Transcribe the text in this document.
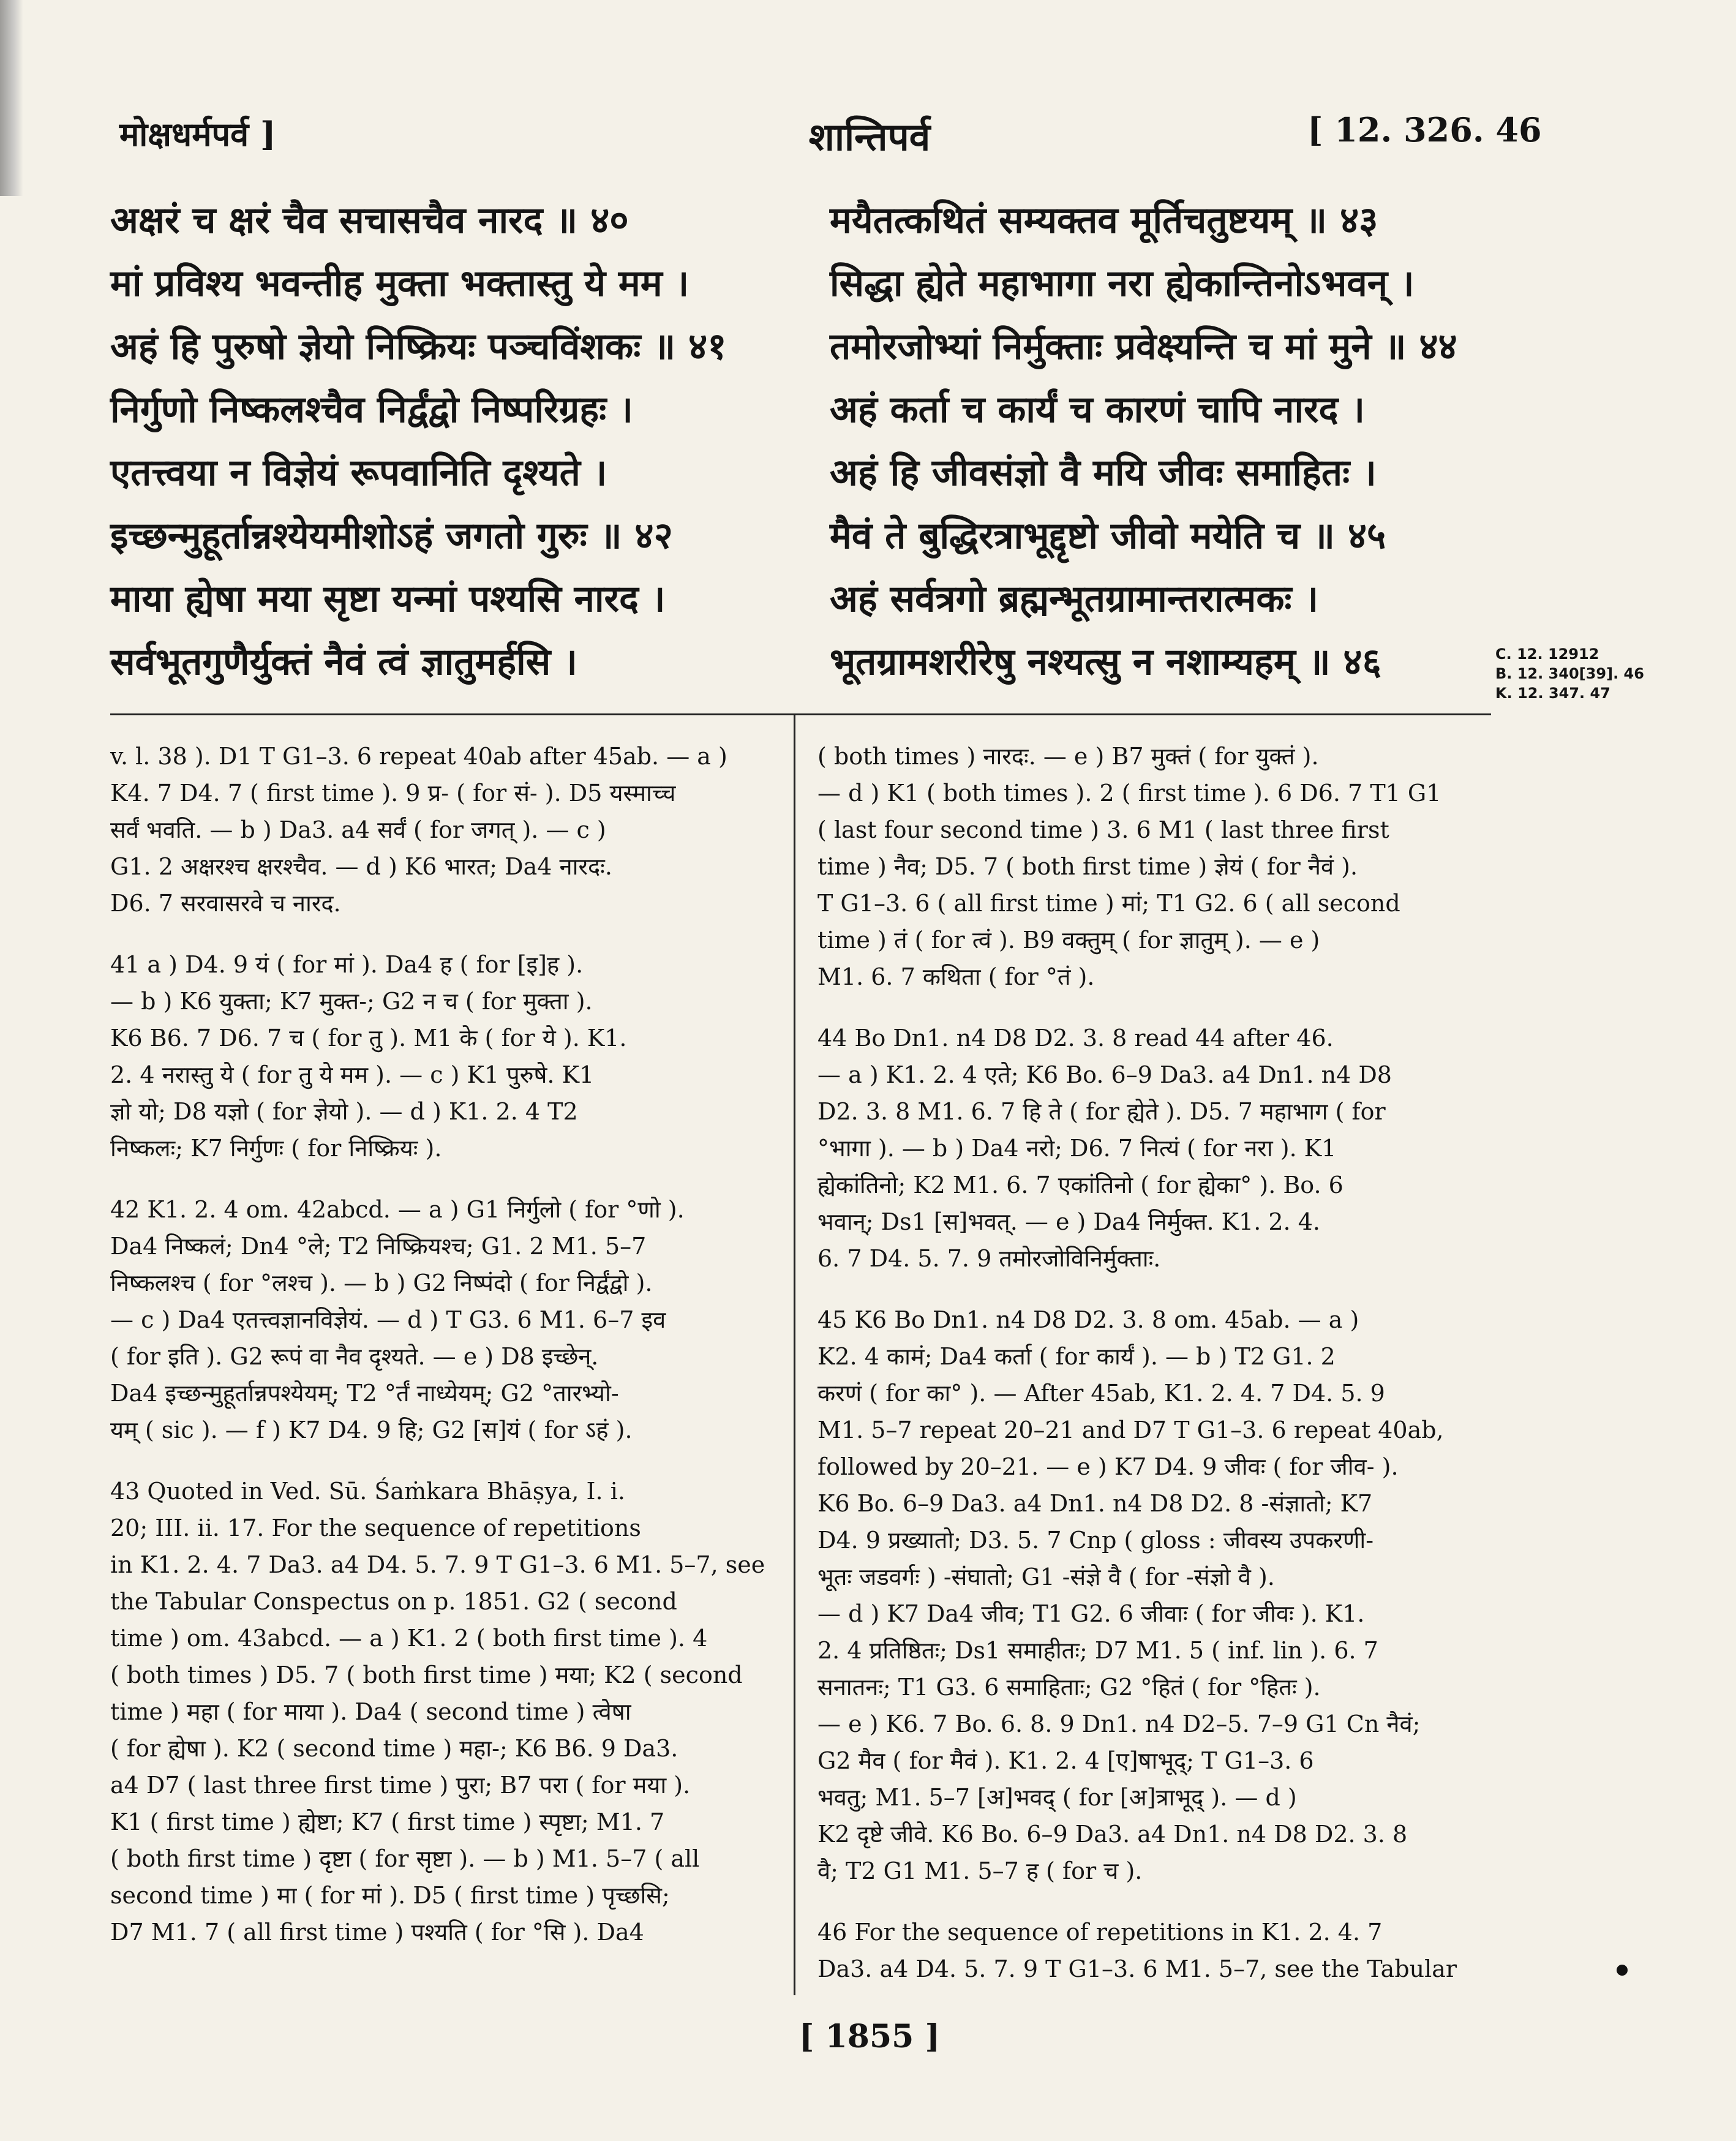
मोक्षधर्मपर्व ]	शान्तिपर्व	[ 12. 326. 46
अक्षरं च क्षरं चैव सचासचैव नारद ॥ ४०
मां प्रविश्य भवन्तीह मुक्ता भक्तास्तु ये मम ।
अहं हि पुरुषो ज्ञेयो निष्क्रियः पञ्चविंशकः ॥ ४१
निर्गुणो निष्कलश्चैव निर्द्वंद्वो निष्परिग्रहः ।
एतत्त्वया न विज्ञेयं रूपवानिति दृश्यते ।
इच्छन्मुहूर्तान्नश्येयमीशोऽहं जगतो गुरुः ॥ ४२
माया ह्येषा मया सृष्टा यन्मां पश्यसि नारद ।
सर्वभूतगुणैर्युक्तं नैवं त्वं ज्ञातुमर्हसि ।
मयैतत्कथितं सम्यक्तव मूर्तिचतुष्टयम् ॥ ४३
सिद्धा ह्येते महाभागा नरा ह्येकान्तिनोऽभवन् ।
तमोरजोभ्यां निर्मुक्ताः प्रवेक्ष्यन्ति च मां मुने ॥ ४४
अहं कर्ता च कार्यं च कारणं चापि नारद ।
अहं हि जीवसंज्ञो वै मयि जीवः समाहितः ।
मैवं ते बुद्धिरत्राभूद्दृष्टो जीवो मयेति च ॥ ४५
अहं सर्वत्रगो ब्रह्मन्भूतग्रामान्तरात्मकः ।
भूतग्रामशरीरेषु नश्यत्सु न नशाम्यहम् ॥ ४६	C. 12. 12912
B. 12. 340[39]. 46
K. 12. 347. 47

v. l. 38 ). D1 T G1–3. 6 repeat 40ab after 45ab. — a )

K4. 7 D4. 7 ( first time ). 9 प्र- ( for सं- ). D5 यस्माच्च

सर्वं भवति. — b ) Da3. a4 सर्वं ( for जगत् ). — c )

G1. 2 अक्षरश्च क्षरश्चैव. — d ) K6 भारत; Da4 नारदः.

D6. 7 सरवासरवे च नारद.

41 a ) D4. 9 यं ( for मां ). Da4 ह ( for [इ]ह ).

— b ) K6 युक्ता; K7 मुक्त-; G2 न च ( for मुक्ता ).

K6 B6. 7 D6. 7 च ( for तु ). M1 के ( for ये ). K1.

2. 4 नरास्तु ये ( for तु ये मम ). — c ) K1 पुरुषे. K1

ज्ञो यो; D8 यज्ञो ( for ज्ञेयो ). — d ) K1. 2. 4 T2

निष्कलः; K7 निर्गुणः ( for निष्क्रियः ).

42 K1. 2. 4 om. 42abcd. — a ) G1 निर्गुलो ( for °णो ).

Da4 निष्कलं; Dn4 °ले; T2 निष्क्रियश्च; G1. 2 M1. 5–7

निष्कलश्च ( for °लश्च ). — b ) G2 निष्पंदो ( for निर्द्वंद्वो ).

— c ) Da4 एतत्त्वज्ञानविज्ञेयं. — d ) T G3. 6 M1. 6–7 इव

( for इति ). G2 रूपं वा नैव दृश्यते. — e ) D8 इच्छेन्.

Da4 इच्छन्मुहूर्तान्नपश्येयम्; T2 °र्तं नाध्येयम्; G2 °तारभ्यो-

यम् ( sic ). — f ) K7 D4. 9 हि; G2 [स]यं ( for ऽहं ).

43 Quoted in Ved. Sū. Śaṁkara Bhāṣya, I. i.

20; III. ii. 17. For the sequence of repetitions

in K1. 2. 4. 7 Da3. a4 D4. 5. 7. 9 T G1–3. 6 M1. 5–7, see

the Tabular Conspectus on p. 1851. G2 ( second

time ) om. 43abcd. — a ) K1. 2 ( both first time ). 4

( both times ) D5. 7 ( both first time ) मया; K2 ( second

time ) महा ( for माया ). Da4 ( second time ) त्वेषा

( for ह्येषा ). K2 ( second time ) महा-; K6 B6. 9 Da3.

a4 D7 ( last three first time ) पुरा; B7 परा ( for मया ).

K1 ( first time ) ह्येष्टा; K7 ( first time ) स्पृष्टा; M1. 7

( both first time ) दृष्टा ( for सृष्टा ). — b ) M1. 5–7 ( all

second time ) मा ( for मां ). D5 ( first time ) पृच्छसि;

D7 M1. 7 ( all first time ) पश्यति ( for °सि ). Da4

( both times ) नारदः. — e ) B7 मुक्तं ( for युक्तं ).

— d ) K1 ( both times ). 2 ( first time ). 6 D6. 7 T1 G1

( last four second time ) 3. 6 M1 ( last three first

time ) नैव; D5. 7 ( both first time ) ज्ञेयं ( for नैवं ).

T G1–3. 6 ( all first time ) मां; T1 G2. 6 ( all second

time ) तं ( for त्वं ). B9 वक्तुम् ( for ज्ञातुम् ). — e )

M1. 6. 7 कथिता ( for °तं ).

44 Bo Dn1. n4 D8 D2. 3. 8 read 44 after 46.

— a ) K1. 2. 4 एते; K6 Bo. 6–9 Da3. a4 Dn1. n4 D8

D2. 3. 8 M1. 6. 7 हि ते ( for ह्येते ). D5. 7 महाभाग ( for

°भागा ). — b ) Da4 नरो; D6. 7 नित्यं ( for नरा ). K1

ह्येकांतिनो; K2 M1. 6. 7 एकांतिनो ( for ह्येका° ). Bo. 6

भवान्; Ds1 [स]भवत्. — e ) Da4 निर्मुक्त. K1. 2. 4.

6. 7 D4. 5. 7. 9 तमोरजोविनिर्मुक्ताः.

45 K6 Bo Dn1. n4 D8 D2. 3. 8 om. 45ab. — a )

K2. 4 कामं; Da4 कर्ता ( for कार्यं ). — b ) T2 G1. 2

करणं ( for का° ). — After 45ab, K1. 2. 4. 7 D4. 5. 9

M1. 5–7 repeat 20–21 and D7 T G1–3. 6 repeat 40ab,

followed by 20–21. — e ) K7 D4. 9 जीवः ( for जीव- ).

K6 Bo. 6–9 Da3. a4 Dn1. n4 D8 D2. 8 -संज्ञातो; K7

D4. 9 प्रख्यातो; D3. 5. 7 Cnp ( gloss : जीवस्य उपकरणी-

भूतः जडवर्गः ) -संघातो; G1 -संज्ञे वै ( for -संज्ञो वै ).

— d ) K7 Da4 जीव; T1 G2. 6 जीवाः ( for जीवः ). K1.

2. 4 प्रतिष्ठितः; Ds1 समाहीतः; D7 M1. 5 ( inf. lin ). 6. 7

सनातनः; T1 G3. 6 समाहिताः; G2 °हितं ( for °हितः ).

— e ) K6. 7 Bo. 6. 8. 9 Dn1. n4 D2–5. 7–9 G1 Cn नैवं;

G2 मैव ( for मैवं ). K1. 2. 4 [ए]षाभूद्; T G1–3. 6

भवतु; M1. 5–7 [अ]भवद् ( for [अ]त्राभूद् ). — d )

K2 दृष्टे जीवे. K6 Bo. 6–9 Da3. a4 Dn1. n4 D8 D2. 3. 8

वै; T2 G1 M1. 5–7 ह ( for च ).

46 For the sequence of repetitions in K1. 2. 4. 7

Da3. a4 D4. 5. 7. 9 T G1–3. 6 M1. 5–7, see the Tabular

[ 1855 ]
